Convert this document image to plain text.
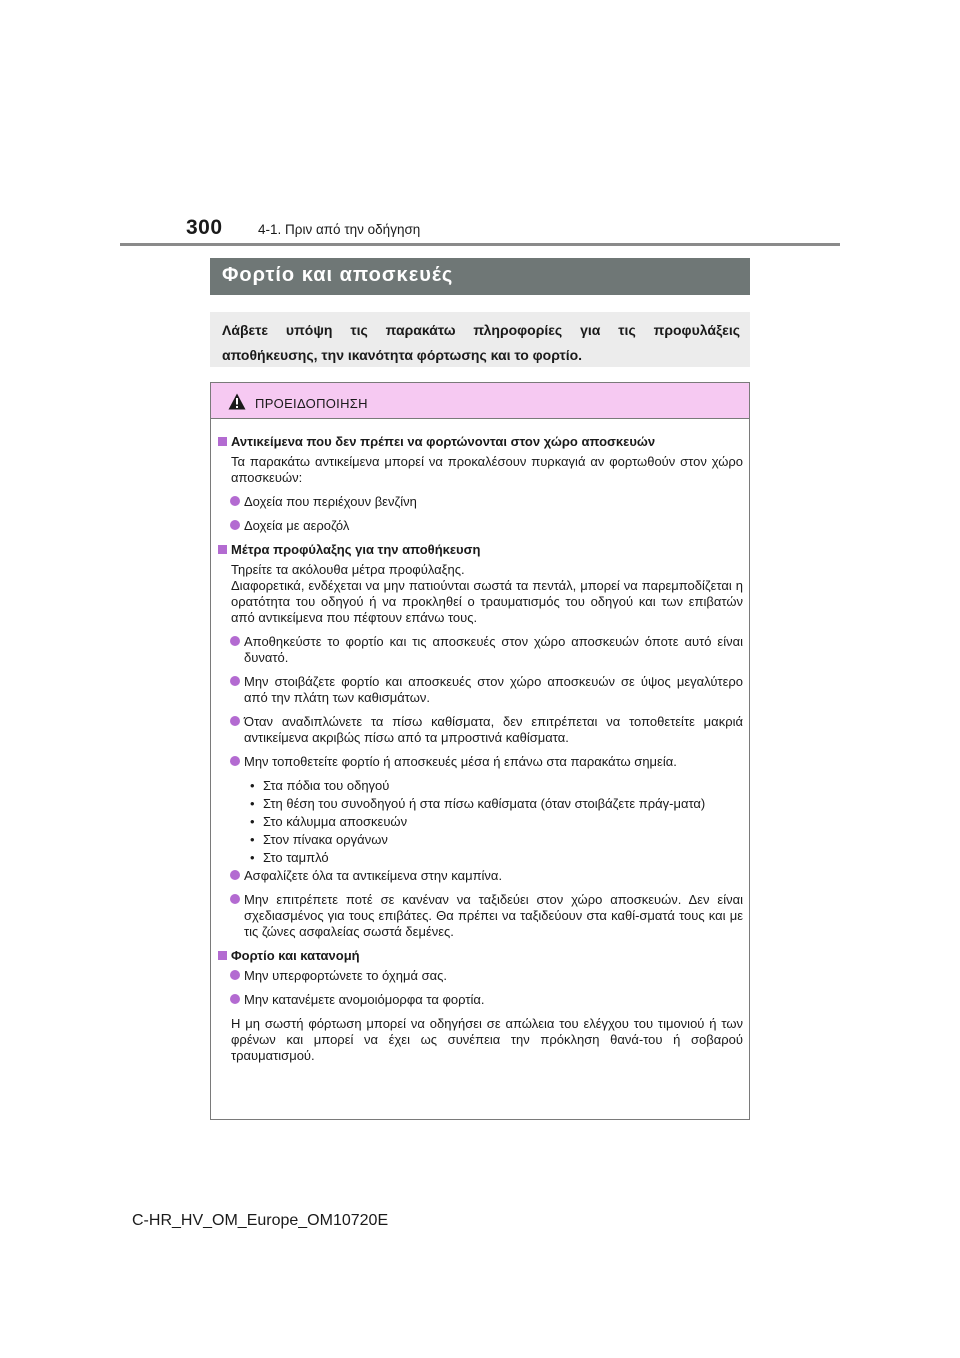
300	4-1. Πριν από την οδήγηση
Φορτίο και αποσκευές
Λάβετε υπόψη τις παρακάτω πληροφορίες για τις προφυλάξεις αποθήκευσης, την ικανότητα φόρτωσης και το φορτίο.
ΠΡΟΕΙΔΟΠΟΙΗΣΗ
Αντικείμενα που δεν πρέπει να φορτώνονται στον χώρο αποσκευών
Τα παρακάτω αντικείμενα μπορεί να προκαλέσουν πυρκαγιά αν φορτωθούν στον χώρο αποσκευών:
Δοχεία που περιέχουν βενζίνη
Δοχεία με αεροζόλ
Μέτρα προφύλαξης για την αποθήκευση
Τηρείτε τα ακόλουθα μέτρα προφύλαξης.
Διαφορετικά, ενδέχεται να μην πατιούνται σωστά τα πεντάλ, μπορεί να παρεμποδίζεται η ορατότητα του οδηγού ή να προκληθεί ο τραυματισμός του οδηγού και των επιβατών από αντικείμενα που πέφτουν επάνω τους.
Αποθηκεύστε το φορτίο και τις αποσκευές στον χώρο αποσκευών όποτε αυτό είναι δυνατό.
Μην στοιβάζετε φορτίο και αποσκευές στον χώρο αποσκευών σε ύψος μεγαλύτερο από την πλάτη των καθισμάτων.
Όταν αναδιπλώνετε τα πίσω καθίσματα, δεν επιτρέπεται να τοποθετείτε μακριά αντικείμενα ακριβώς πίσω από τα μπροστινά καθίσματα.
Μην τοποθετείτε φορτίο ή αποσκευές μέσα ή επάνω στα παρακάτω σημεία.
• Στα πόδια του οδηγού
• Στη θέση του συνοδηγού ή στα πίσω καθίσματα (όταν στοιβάζετε πράγ-ματα)
• Στο κάλυμμα αποσκευών
• Στον πίνακα οργάνων
• Στο ταμπλό
Ασφαλίζετε όλα τα αντικείμενα στην καμπίνα.
Μην επιτρέπετε ποτέ σε κανέναν να ταξιδεύει στον χώρο αποσκευών. Δεν είναι σχεδιασμένος για τους επιβάτες. Θα πρέπει να ταξιδεύουν στα καθί-σματά τους και με τις ζώνες ασφαλείας σωστά δεμένες.
Φορτίο και κατανομή
Μην υπερφορτώνετε το όχημά σας.
Μην κατανέμετε ανομοιόμορφα τα φορτία.
Η μη σωστή φόρτωση μπορεί να οδηγήσει σε απώλεια του ελέγχου του τιμονιού ή των φρένων και μπορεί να έχει ως συνέπεια την πρόκληση θανά-του ή σοβαρού τραυματισμού.
C-HR_HV_OM_Europe_OM10720E
